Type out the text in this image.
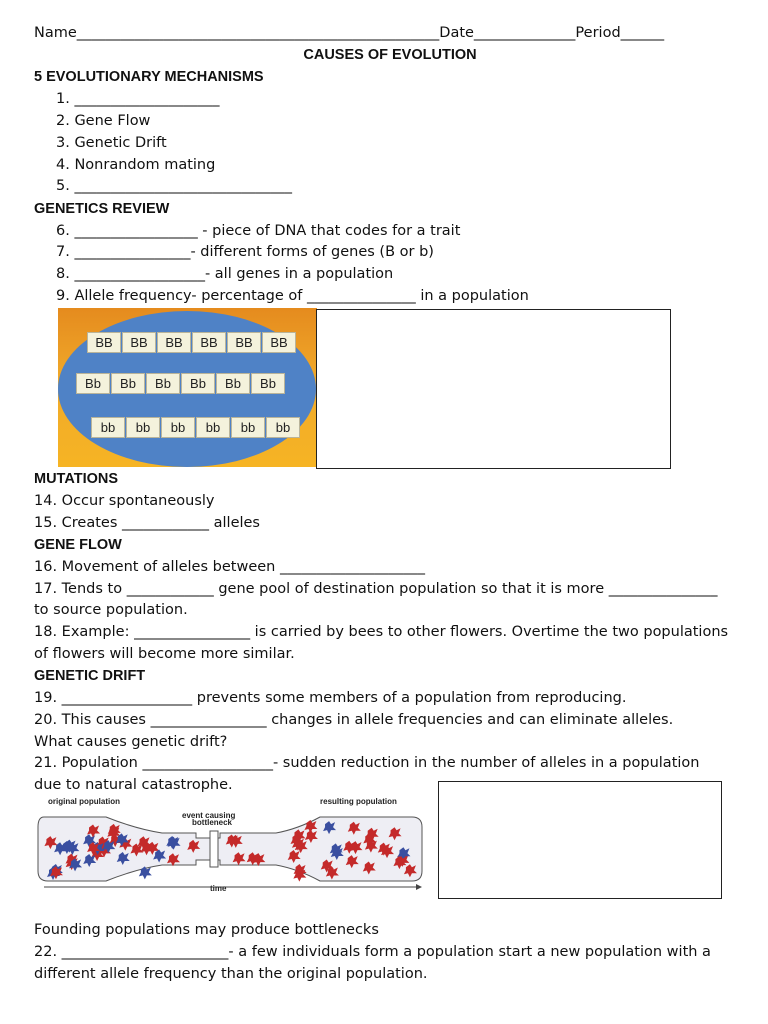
Name__________________________________________________Date______________Period______
CAUSES OF EVOLUTION
5 EVOLUTIONARY MECHANISMS
1. ____________________
2. Gene Flow
3. Genetic Drift
4. Nonrandom mating
5. ______________________________
GENETICS REVIEW
6. _________________ - piece of DNA that codes for a trait
7. ________________- different forms of genes (B or b)
8. __________________- all genes in a population
9. Allele frequency- percentage of _______________ in a population
BB	BB	BB	BB	BB	BB
Bb	Bb	Bb	Bb	Bb	Bb
bb	bb	bb	bb	bb	bb
MUTATIONS
14. Occur spontaneously
15. Creates ____________ alleles
GENE FLOW
16. Movement of alleles between ____________________
17. Tends to ____________ gene pool of destination population so that it is more _______________
to source population.
18. Example: ________________ is carried by bees to other flowers. Overtime the two populations
of flowers will become more similar.
GENETIC DRIFT
19. __________________ prevents some members of a population from reproducing.
20. This causes ________________ changes in allele frequencies and can eliminate alleles.
What causes genetic drift?
21. Population __________________- sudden reduction in the number of alleles in a population
due to natural catastrophe.
original population
event causing
bottleneck
resulting population
time
Founding populations may produce bottlenecks
22. _______________________- a few individuals form a population start a new population with a
different allele frequency than the original population.
